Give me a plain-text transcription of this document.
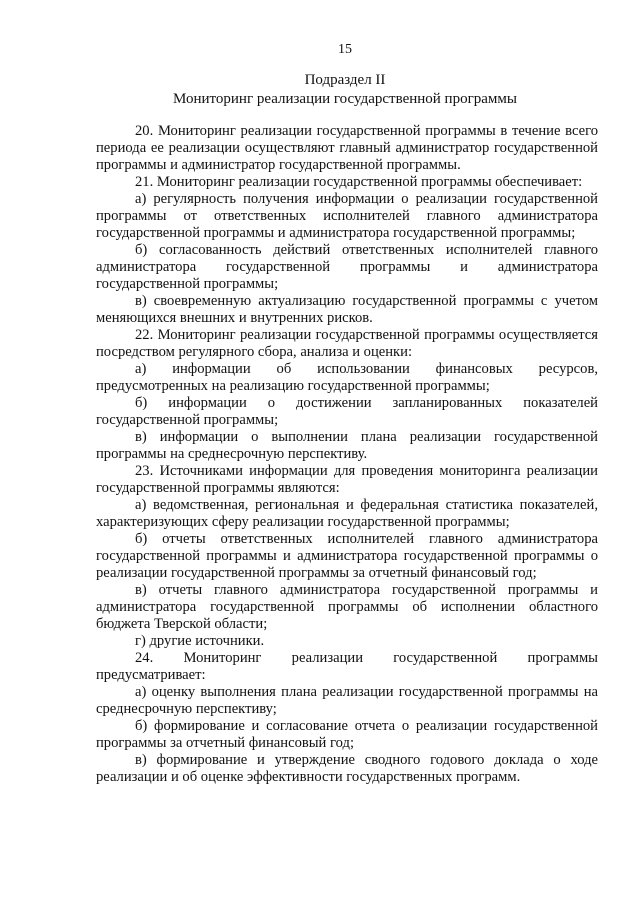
15
Подраздел II
Мониторинг реализации государственной программы

20. Мониторинг реализации государственной программы в течение всего периода ее реализации осуществляют главный администратор государственной программы и администратор государственной программы.

21. Мониторинг реализации государственной программы обеспечивает:

а) регулярность получения информации о реализации государственной программы от ответственных исполнителей главного администратора государственной программы и администратора государственной программы;

б) согласованность действий ответственных исполнителей главного администратора государственной программы и администратора государственной программы;

в) своевременную актуализацию государственной программы с учетом меняющихся внешних и внутренних рисков.

22. Мониторинг реализации государственной программы осуществляется посредством регулярного сбора, анализа и оценки:

а) информации об использовании финансовых ресурсов, предусмотренных на реализацию государственной программы;

б) информации о достижении запланированных показателей государственной программы;

в) информации о выполнении плана реализации государственной программы на среднесрочную перспективу.

23. Источниками информации для проведения мониторинга реализации государственной программы являются:

а) ведомственная, региональная и федеральная статистика показателей, характеризующих сферу реализации государственной программы;

б) отчеты ответственных исполнителей главного администратора государственной программы и администратора государственной программы о реализации государственной программы за отчетный финансовый год;

в) отчеты главного администратора государственной программы и администратора государственной программы об исполнении областного бюджета Тверской области;

г) другие источники.

24. Мониторинг реализации государственной программы предусматривает:

а) оценку выполнения плана реализации государственной программы на среднесрочную перспективу;

б) формирование и согласование отчета о реализации государственной программы за отчетный финансовый год;

в) формирование и утверждение сводного годового доклада о ходе реализации и об оценке эффективности государственных программ.
